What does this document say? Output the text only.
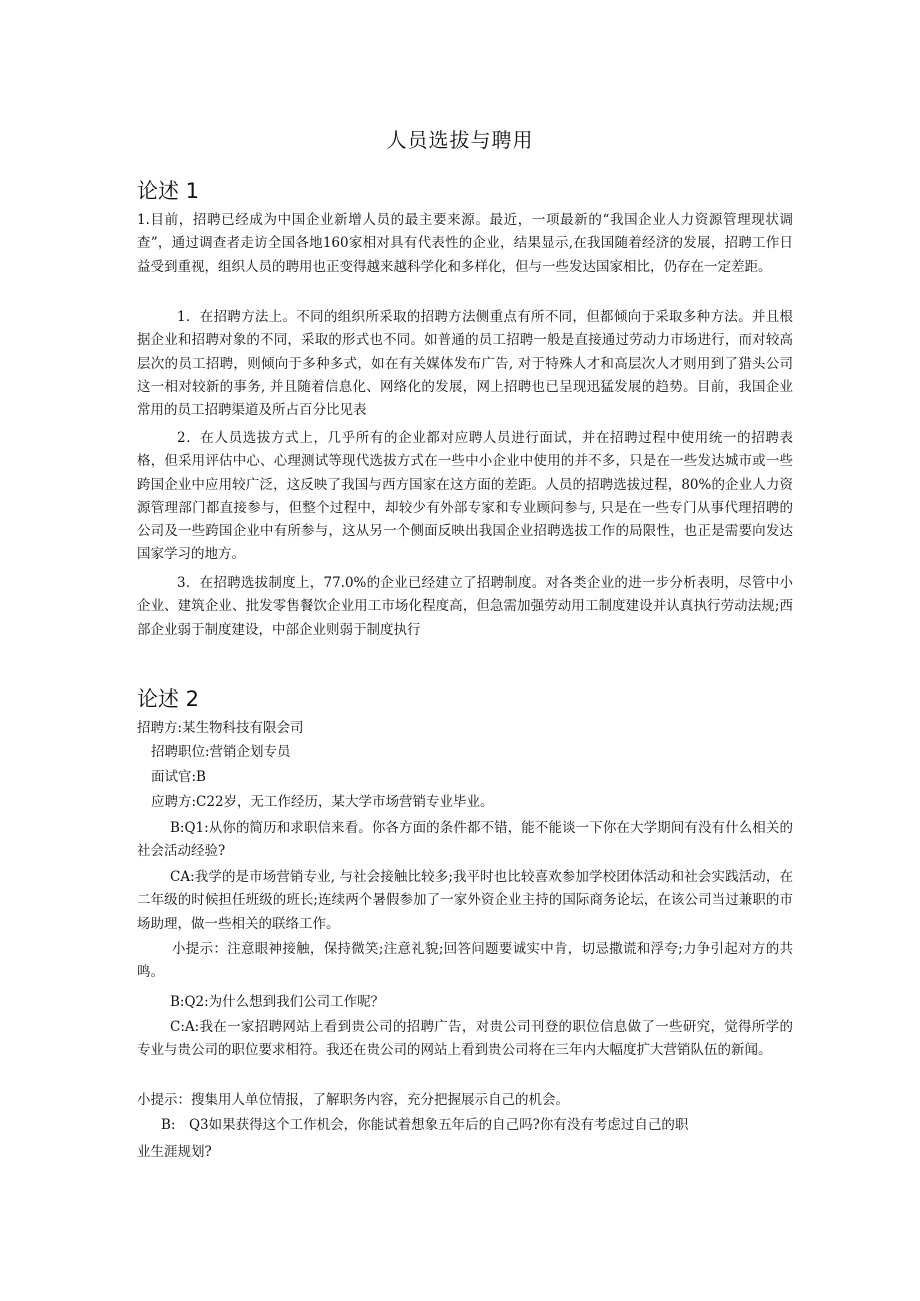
人员选拔与聘用
论述 1

1.目前，招聘已经成为中国企业新增人员的最主要来源。最近，一项最新的“我国企业人力资源管理现状调查”，通过调查者走访全国各地160家相对具有代表性的企业，结果显示,在我国随着经济的发展，招聘工作日益受到重视，组织人员的聘用也正变得越来越科学化和多样化，但与一些发达国家相比，仍存在一定差距。

1．在招聘方法上。不同的组织所采取的招聘方法侧重点有所不同，但都倾向于采取多种方法。并且根据企业和招聘对象的不同，采取的形式也不同。如普通的员工招聘一般是直接通过劳动力市场进行，而对较高层次的员工招聘，则倾向于多种多式，如在有关媒体发布广告, 对于特殊人才和高层次人才则用到了猎头公司这一相对较新的事务, 并且随着信息化、网络化的发展，网上招聘也已呈现迅猛发展的趋势。目前，我国企业常用的员工招聘渠道及所占百分比见表

2．在人员选拔方式上，几乎所有的企业都对应聘人员进行面试，并在招聘过程中使用统一的招聘表格，但采用评估中心、心理测试等现代选拔方式在一些中小企业中使用的并不多，只是在一些发达城市或一些跨国企业中应用较广泛，这反映了我国与西方国家在这方面的差距。人员的招聘选拔过程，80%的企业人力资源管理部门都直接参与，但整个过程中，却较少有外部专家和专业顾问参与, 只是在一些专门从事代理招聘的公司及一些跨国企业中有所参与，这从另一个侧面反映出我国企业招聘选拔工作的局限性，也正是需要向发达国家学习的地方。

3．在招聘选拔制度上，77.0%的企业已经建立了招聘制度。对各类企业的进一步分析表明，尽管中小企业、建筑企业、批发零售餐饮企业用工市场化程度高，但急需加强劳动用工制度建设并认真执行劳动法规;西部企业弱于制度建设，中部企业则弱于制度执行

论述 2
招聘方:某生物科技有限会司
招聘职位:营销企划专员
面试官:B
应聘方:C22岁，无工作经历，某大学市场营销专业毕业。

B:Q1:从你的简历和求职信来看。你各方面的条件都不错，能不能谈一下你在大学期间有没有什么相关的社会活动经验?

CA:我学的是市场营销专业, 与社会接触比较多;我平时也比较喜欢参加学校团体活动和社会实践活动，在二年级的时候担任班级的班长;连续两个暑假参加了一家外资企业主持的国际商务论坛，在该公司当过兼职的市场助理，做一些相关的联络工作。

小提示：注意眼神接触，保持微笑;注意礼貌;回答问题要诚实中肯，切忌撒谎和浮夸;力争引起对方的共鸣。

B:Q2:为什么想到我们公司工作呢？

C:A:我在一家招聘网站上看到贵公司的招聘广告，对贵公司刊登的职位信息做了一些研究，觉得所学的专业与贵公司的职位要求相符。我还在贵公司的网站上看到贵公司将在三年内大幅度扩大营销队伍的新闻。

小提示：搜集用人单位情报，了解职务内容，充分把握展示自己的机会。
B:　Q3如果获得这个工作机会，你能试着想象五年后的自己吗?你有没有考虑过自己的职
业生涯规划?
